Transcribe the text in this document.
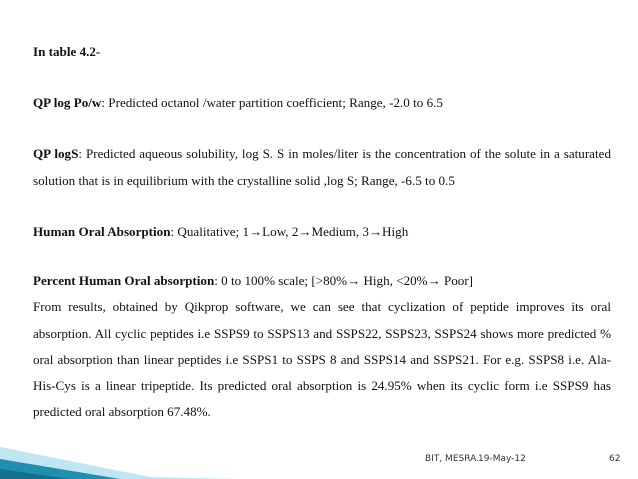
In table 4.2-
QP log Po/w: Predicted octanol /water partition coefficient; Range, -2.0 to 6.5
QP logS: Predicted aqueous solubility, log S. S in moles/liter is the concentration of the solute in a saturated solution that is in equilibrium with the crystalline solid ,log S; Range, -6.5 to 0.5
Human Oral Absorption: Qualitative; 1→Low, 2→Medium, 3→High
Percent Human Oral absorption: 0 to 100% scale; [>80%→ High, <20%→ Poor]
From results, obtained by Qikprop software, we can see that cyclization of peptide improves its oral absorption. All cyclic peptides i.e SSPS9 to SSPS13 and SSPS22, SSPS23, SSPS24 shows more predicted % oral absorption than linear peptides i.e SSPS1 to SSPS 8 and SSPS14 and SSPS21. For e.g. SSPS8 i.e. Ala-His-Cys is a linear tripeptide. Its predicted oral absorption is 24.95% when its cyclic form i.e SSPS9 has predicted oral absorption 67.48%.
BIT, MESRA. 19-May-12	62
